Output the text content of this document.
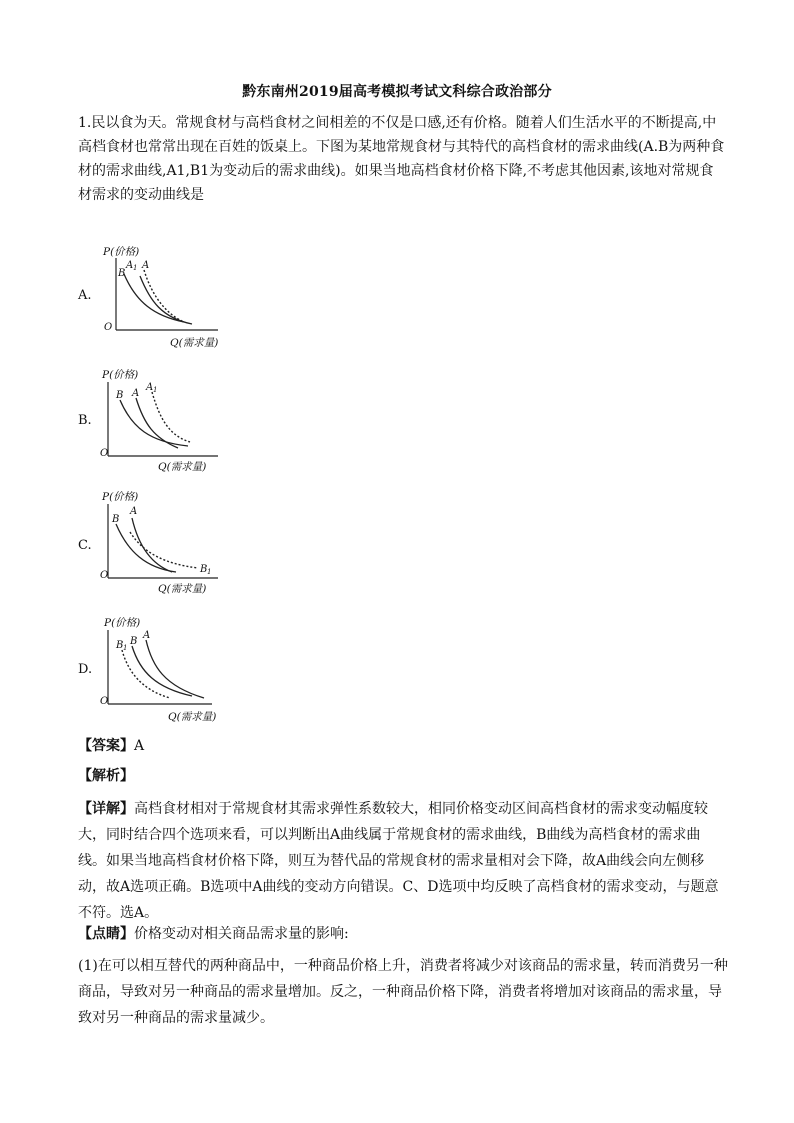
黔东南州2019届高考模拟考试文科综合政治部分
1.民以食为天。常规食材与高档食材之间相差的不仅是口感,还有价格。随着人们生活水平的不断提高,中高档食材也常常出现在百姓的饭桌上。下图为某地常规食材与其特代的高档食材的需求曲线(A.B为两种食材的需求曲线,A1,B1为变动后的需求曲线)。如果当地高档食材价格下降,不考虑其他因素,该地对常规食材需求的变动曲线是
A.
P(价格)
B
A 1 A
O
Q(需求量)
B.
P(价格)
B A
A 1
O
Q(需求量)
C.
P(价格)
B
A
B 1
O
Q(需求量)
D.
P(价格)
B 1
B
A
O
Q(需求量)
【答案】A
【解析】
【详解】高档食材相对于常规食材其需求弹性系数较大，相同价格变动区间高档食材的需求变动幅度较大，同时结合四个选项来看，可以判断出A曲线属于常规食材的需求曲线，B曲线为高档食材的需求曲线。如果当地高档食材价格下降，则互为替代品的常规食材的需求量相对会下降，故A曲线会向左侧移动，故A选项正确。B选项中A曲线的变动方向错误。C、D选项中均反映了高档食材的需求变动，与题意不符。选A。
【点睛】价格变动对相关商品需求量的影响:
(1)在可以相互替代的两种商品中，一种商品价格上升，消费者将减少对该商品的需求量，转而消费另一种商品，导致对另一种商品的需求量增加。反之，一种商品价格下降，消费者将增加对该商品的需求量，导致对另一种商品的需求量减少。
